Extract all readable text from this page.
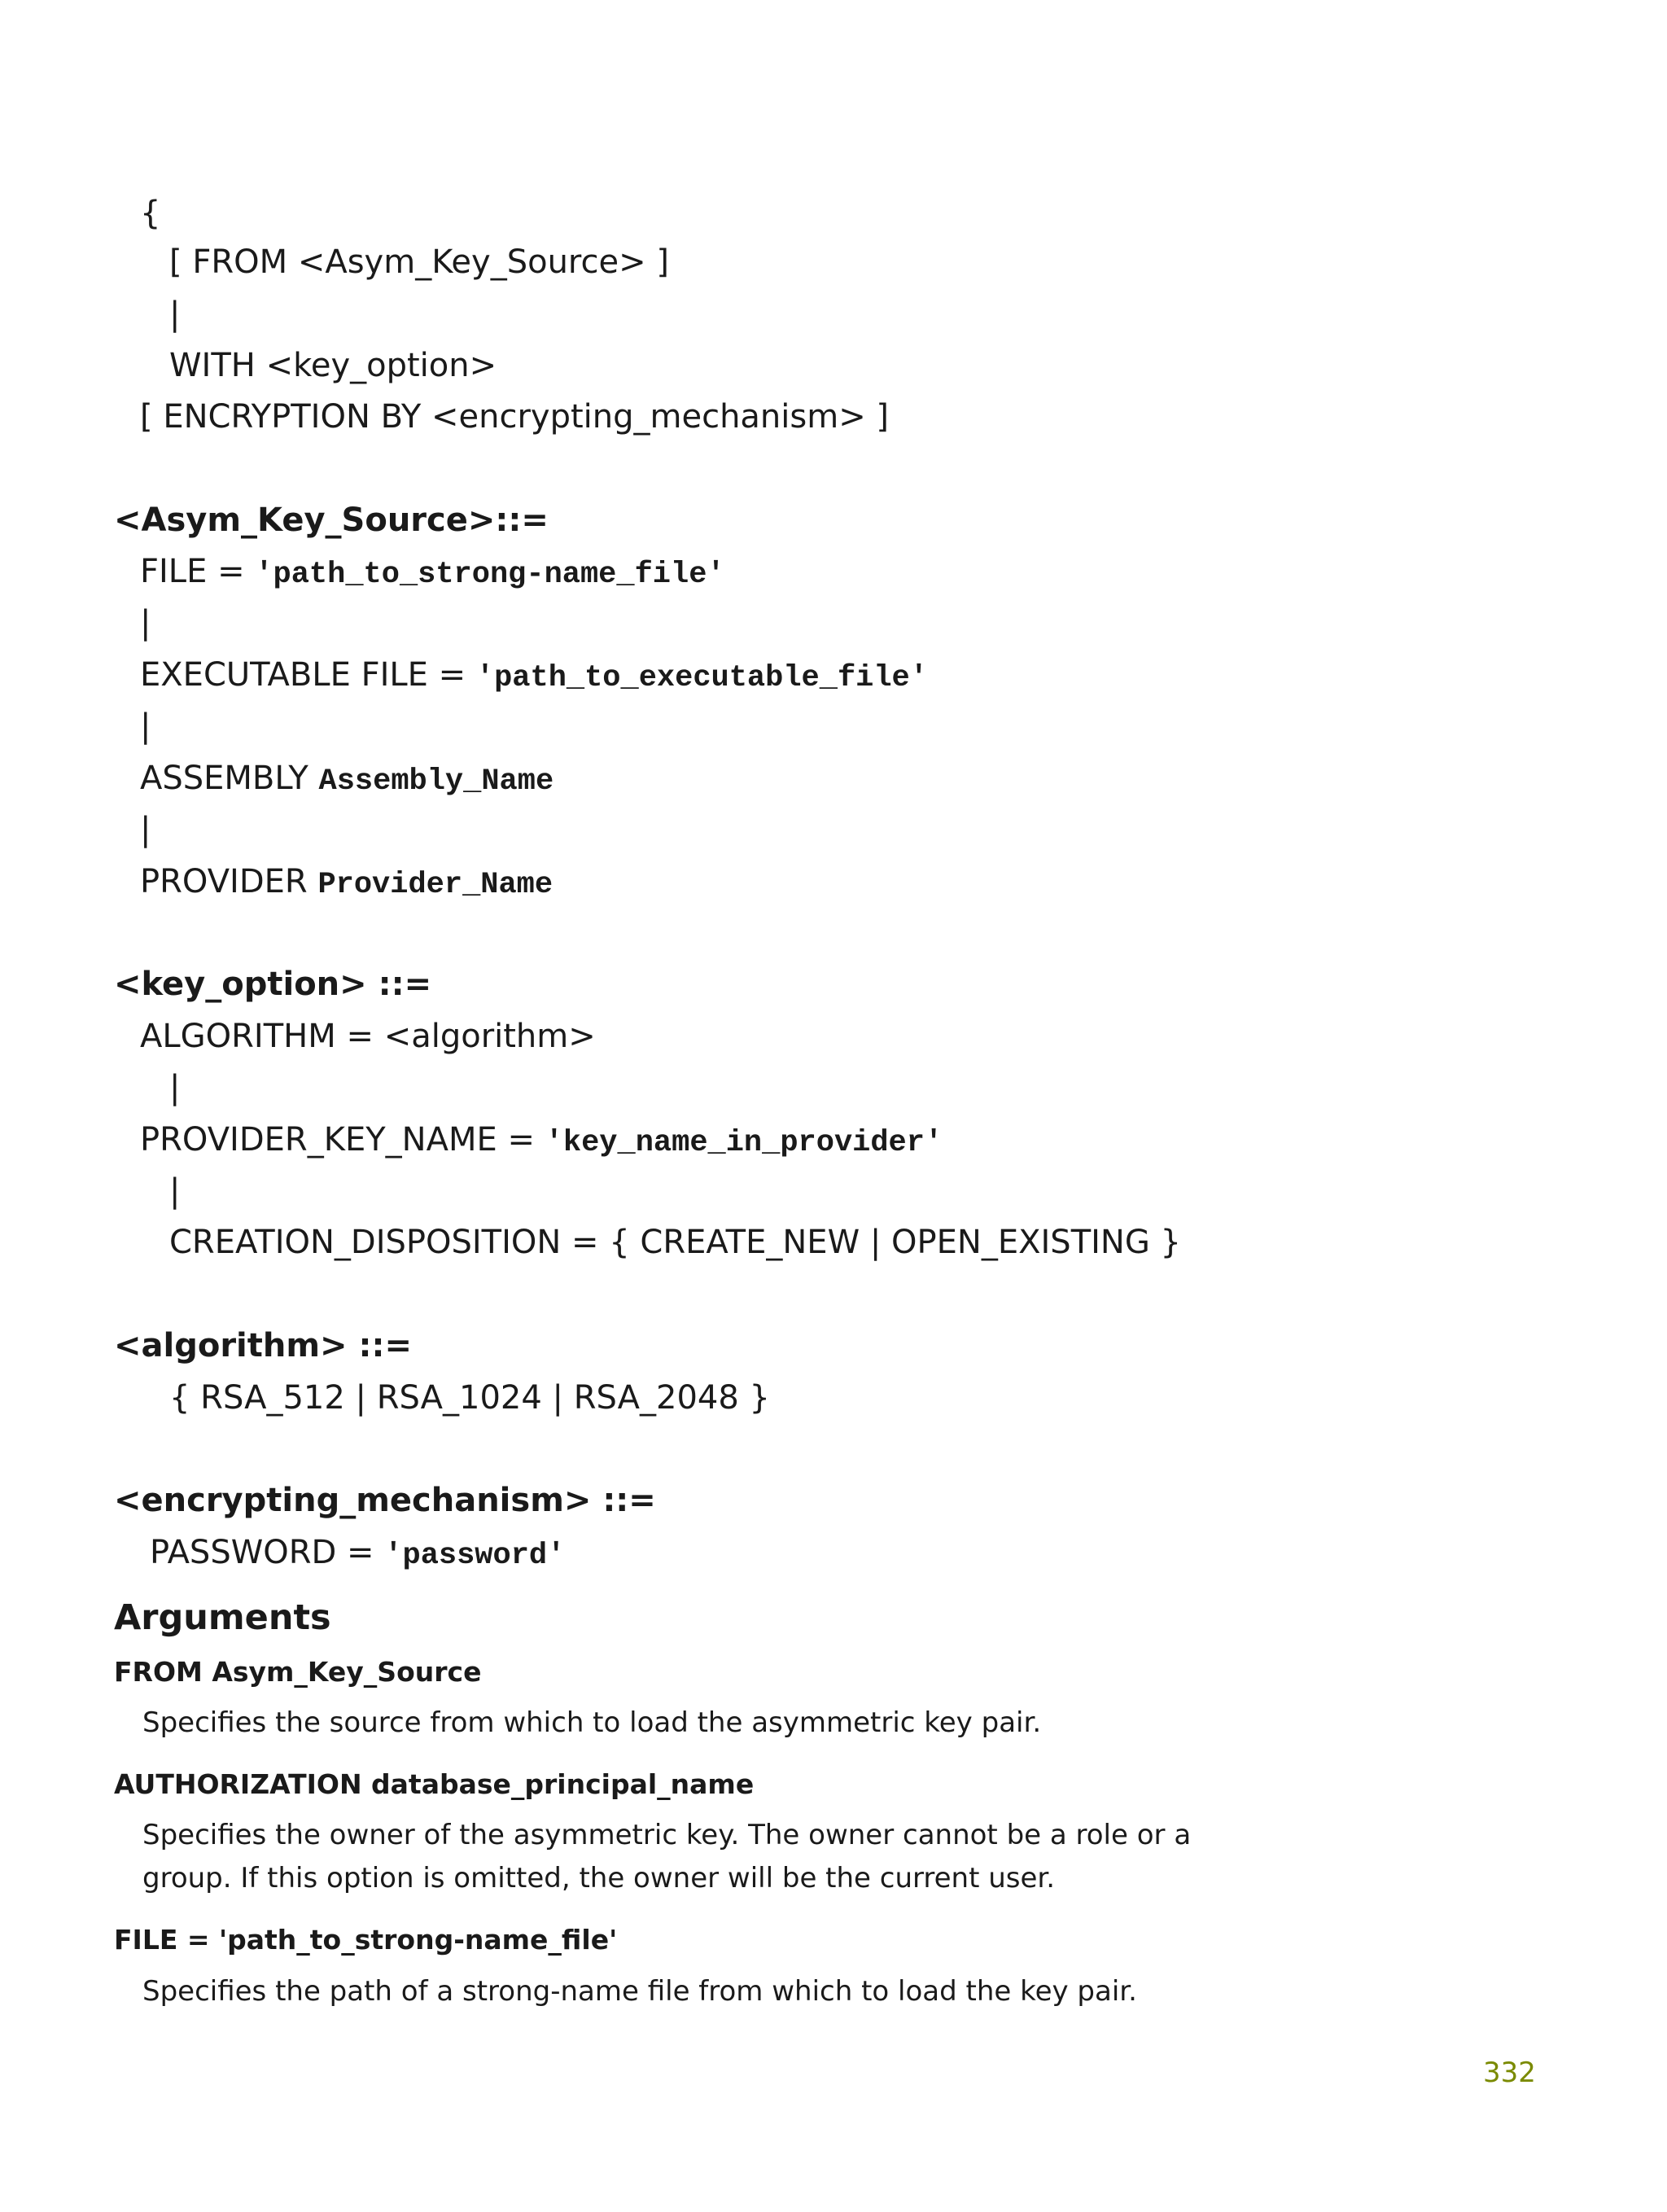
{
[ FROM <Asym_Key_Source> ]
|
WITH <key_option>
[ ENCRYPTION BY <encrypting_mechanism> ]
<Asym_Key_Source>::=
FILE = 'path_to_strong-name_file'
|
EXECUTABLE FILE = 'path_to_executable_file'
|
ASSEMBLY Assembly_Name
|
PROVIDER Provider_Name
<key_option> ::=
ALGORITHM = <algorithm>
|
PROVIDER_KEY_NAME = 'key_name_in_provider'
|
CREATION_DISPOSITION = { CREATE_NEW | OPEN_EXISTING }
<algorithm> ::=
{ RSA_512 | RSA_1024 | RSA_2048 }
<encrypting_mechanism> ::=
PASSWORD = 'password'
Arguments
FROM Asym_Key_Source
Specifies the source from which to load the asymmetric key pair.
AUTHORIZATION database_principal_name
Specifies the owner of the asymmetric key. The owner cannot be a role or a group. If this option is omitted, the owner will be the current user.
FILE = 'path_to_strong-name_file'
Specifies the path of a strong-name file from which to load the key pair.
332
